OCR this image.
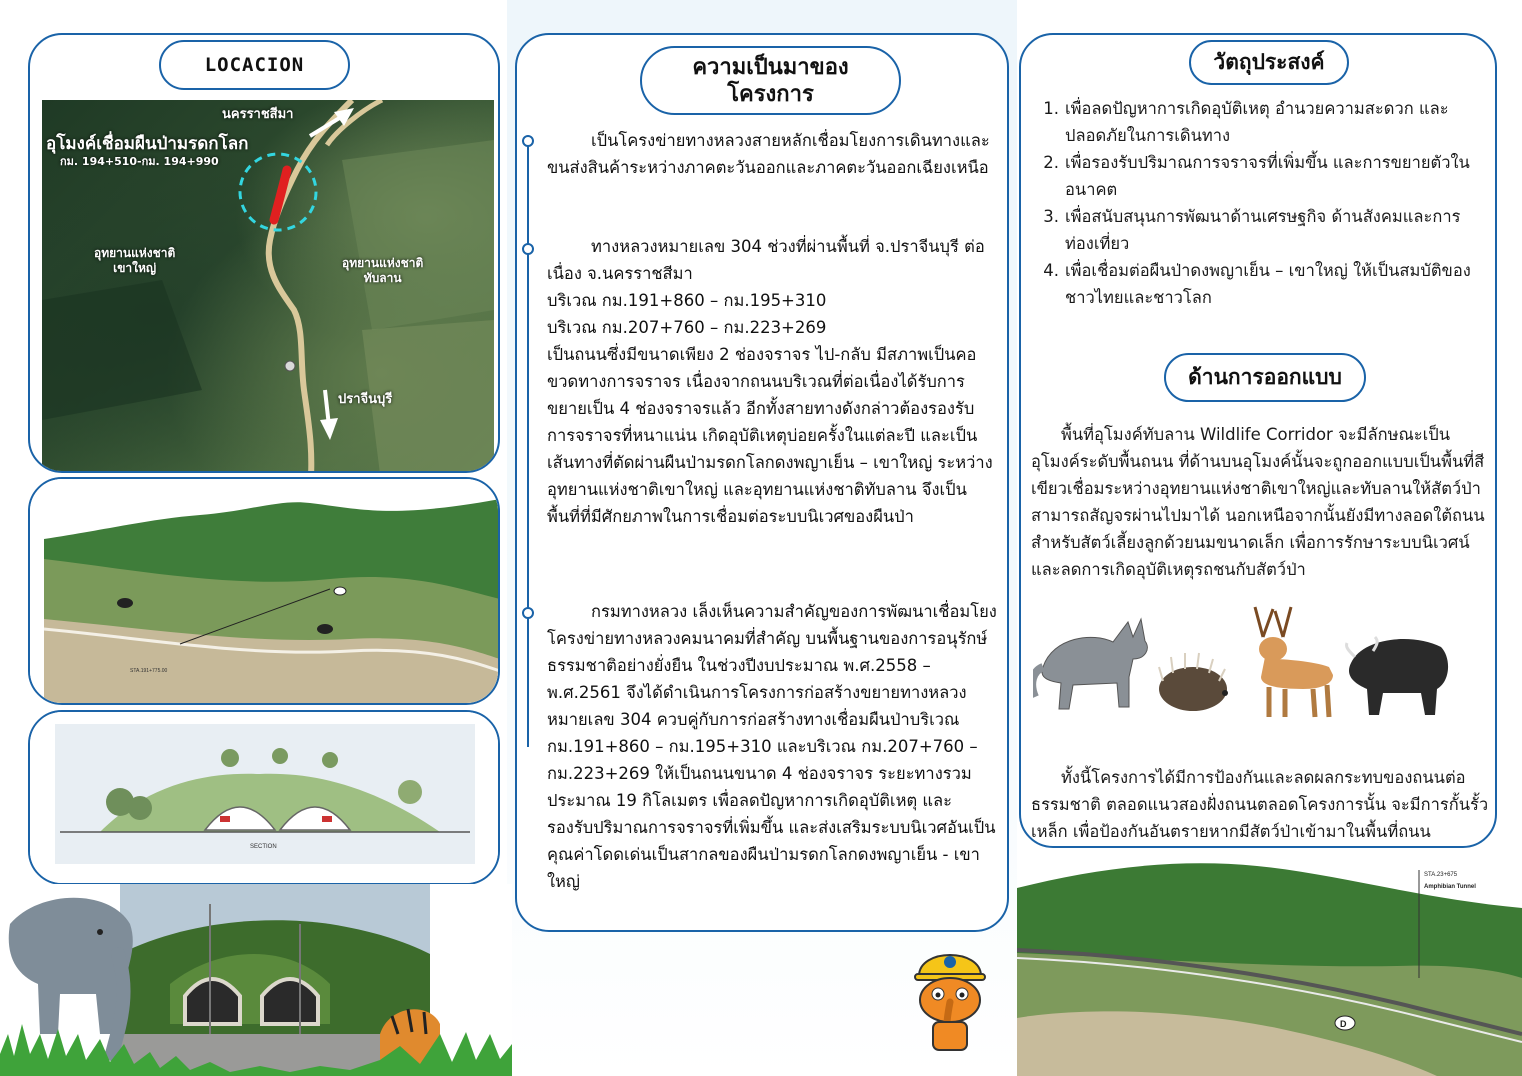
นครราชสีมา
อุโมงค์เชื่อมผืนป่ามรดกโลก
กม. 194+510-กม. 194+990
อุทยานแห่งชาติ
เขาใหญ่	อุทยานแห่งชาติ
ทับลาน
ปราจีนบุรี
LOCACION
STA.191+775.00
SECTION

เป็นโครงข่ายทางหลวงสายหลักเชื่อมโยงการเดินทางและขนส่งสินค้าระหว่างภาคตะวันออกและภาคตะวันออกเฉียงเหนือ

ทางหลวงหมายเลข 304 ช่วงที่ผ่านพื้นที่ จ.ปราจีนบุรี ต่อเนื่อง จ.นครราชสีมา

บริเวณ กม.191+860 – กม.195+310

บริเวณ กม.207+760 – กม.223+269

เป็นถนนซึ่งมีขนาดเพียง 2 ช่องจราจร ไป-กลับ มีสภาพเป็นคอขวดทางการจราจร เนื่องจากถนนบริเวณที่ต่อเนื่องได้รับการขยายเป็น 4 ช่องจราจรแล้ว อีกทั้งสายทางดังกล่าวต้องรองรับการจราจรที่หนาแน่น เกิดอุบัติเหตุบ่อยครั้งในแต่ละปี และเป็นเส้นทางที่ตัดผ่านผืนป่ามรดกโลกดงพญาเย็น – เขาใหญ่ ระหว่างอุทยานแห่งชาติเขาใหญ่ และอุทยานแห่งชาติทับลาน จึงเป็นพื้นที่ที่มีศักยภาพในการเชื่อมต่อระบบนิเวศของผืนป่า

กรมทางหลวง เล็งเห็นความสำคัญของการพัฒนาเชื่อมโยงโครงข่ายทางหลวงคมนาคมที่สำคัญ บนพื้นฐานของการอนุรักษ์ธรรมชาติอย่างยั่งยืน ในช่วงปีงบประมาณ พ.ศ.2558 – พ.ศ.2561 จึงได้ดำเนินการโครงการก่อสร้างขยายทางหลวงหมายเลข 304 ควบคู่กับการก่อสร้างทางเชื่อมผืนป่าบริเวณ กม.191+860 – กม.195+310 และบริเวณ กม.207+760 – กม.223+269 ให้เป็นถนนขนาด 4 ช่องจราจร ระยะทางรวมประมาณ 19 กิโลเมตร เพื่อลดปัญหาการเกิดอุบัติเหตุ และรองรับปริมาณการจราจรที่เพิ่มขึ้น และส่งเสริมระบบนิเวศอันเป็นคุณค่าโดดเด่นเป็นสากลของผืนป่ามรดกโลกดงพญาเย็น - เขาใหญ่

ความเป็นมาของ
โครงการ
1. เพื่อลดปัญหาการเกิดอุบัติเหตุ อำนวยความสะดวก และปลอดภัยในการเดินทาง
2. เพื่อรองรับปริมาณการจราจรที่เพิ่มขึ้น และการขยายตัวในอนาคต
3. เพื่อสนับสนุนการพัฒนาด้านเศรษฐกิจ ด้านสังคมและการท่องเที่ยว
4. เพื่อเชื่อมต่อผืนป่าดงพญาเย็น – เขาใหญ่ ให้เป็นสมบัติของชาวไทยและชาวโลก
พื้นที่อุโมงค์ทับลาน Wildlife Corridor จะมีลักษณะเป็นอุโมงค์ระดับพื้นถนน ที่ด้านบนอุโมงค์นั้นจะถูกออกแบบเป็นพื้นที่สีเขียวเชื่อมระหว่างอุทยานแห่งชาติเขาใหญ่และทับลานให้สัตว์ป่าสามารถสัญจรผ่านไปมาได้ นอกเหนือจากนั้นยังมีทางลอดใต้ถนนสำหรับสัตว์เลี้ยงลูกด้วยนมขนาดเล็ก เพื่อการรักษาระบบนิเวศน์ และลดการเกิดอุบัติเหตุรถชนกับสัตว์ป่า
ทั้งนี้โครงการได้มีการป้องกันและลดผลกระทบของถนนต่อธรรมชาติ ตลอดแนวสองฝั่งถนนตลอดโครงการนั้น จะมีการกั้นรั้วเหล็ก เพื่อป้องกันอันตรายหากมีสัตว์ป่าเข้ามาในพื้นที่ถนน
วัตถุประสงค์
ด้านการออกแบบ
D
STA.23+675
Amphibian Tunnel
